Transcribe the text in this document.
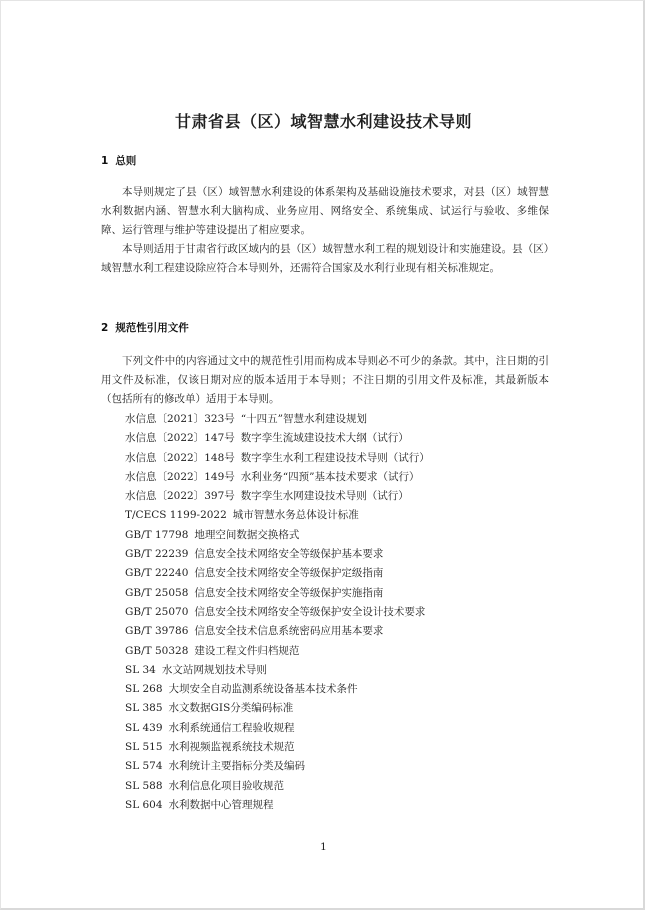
甘肃省县（区）域智慧水利建设技术导则
1 总则

本导则规定了县（区）域智慧水利建设的体系架构及基础设施技术要求，对县（区）域智慧水利数据内涵、智慧水利大脑构成、业务应用、网络安全、系统集成、试运行与验收、多维保障、运行管理与维护等建设提出了相应要求。

本导则适用于甘肃省行政区域内的县（区）域智慧水利工程的规划设计和实施建设。县（区）域智慧水利工程建设除应符合本导则外，还需符合国家及水利行业现有相关标准规定。

2 规范性引用文件

下列文件中的内容通过文中的规范性引用而构成本导则必不可少的条款。其中，注日期的引用文件及标准，仅该日期对应的版本适用于本导则；不注日期的引用文件及标准，其最新版本（包括所有的修改单）适用于本导则。

水信息〔2021〕323号 “十四五”智慧水利建设规划
水信息〔2022〕147号 数字孪生流域建设技术大纲（试行）
水信息〔2022〕148号 数字孪生水利工程建设技术导则（试行）
水信息〔2022〕149号 水利业务“四预”基本技术要求（试行）
水信息〔2022〕397号 数字孪生水网建设技术导则（试行）
T/CECS 1199-2022 城市智慧水务总体设计标准
GB/T 17798 地理空间数据交换格式
GB/T 22239 信息安全技术网络安全等级保护基本要求
GB/T 22240 信息安全技术网络安全等级保护定级指南
GB/T 25058 信息安全技术网络安全等级保护实施指南
GB/T 25070 信息安全技术网络安全等级保护安全设计技术要求
GB/T 39786 信息安全技术信息系统密码应用基本要求
GB/T 50328 建设工程文件归档规范
SL 34 水文站网规划技术导则
SL 268 大坝安全自动监测系统设备基本技术条件
SL 385 水文数据GIS分类编码标准
SL 439 水利系统通信工程验收规程
SL 515 水利视频监视系统技术规范
SL 574 水利统计主要指标分类及编码
SL 588 水利信息化项目验收规范
SL 604 水利数据中心管理规程
1
